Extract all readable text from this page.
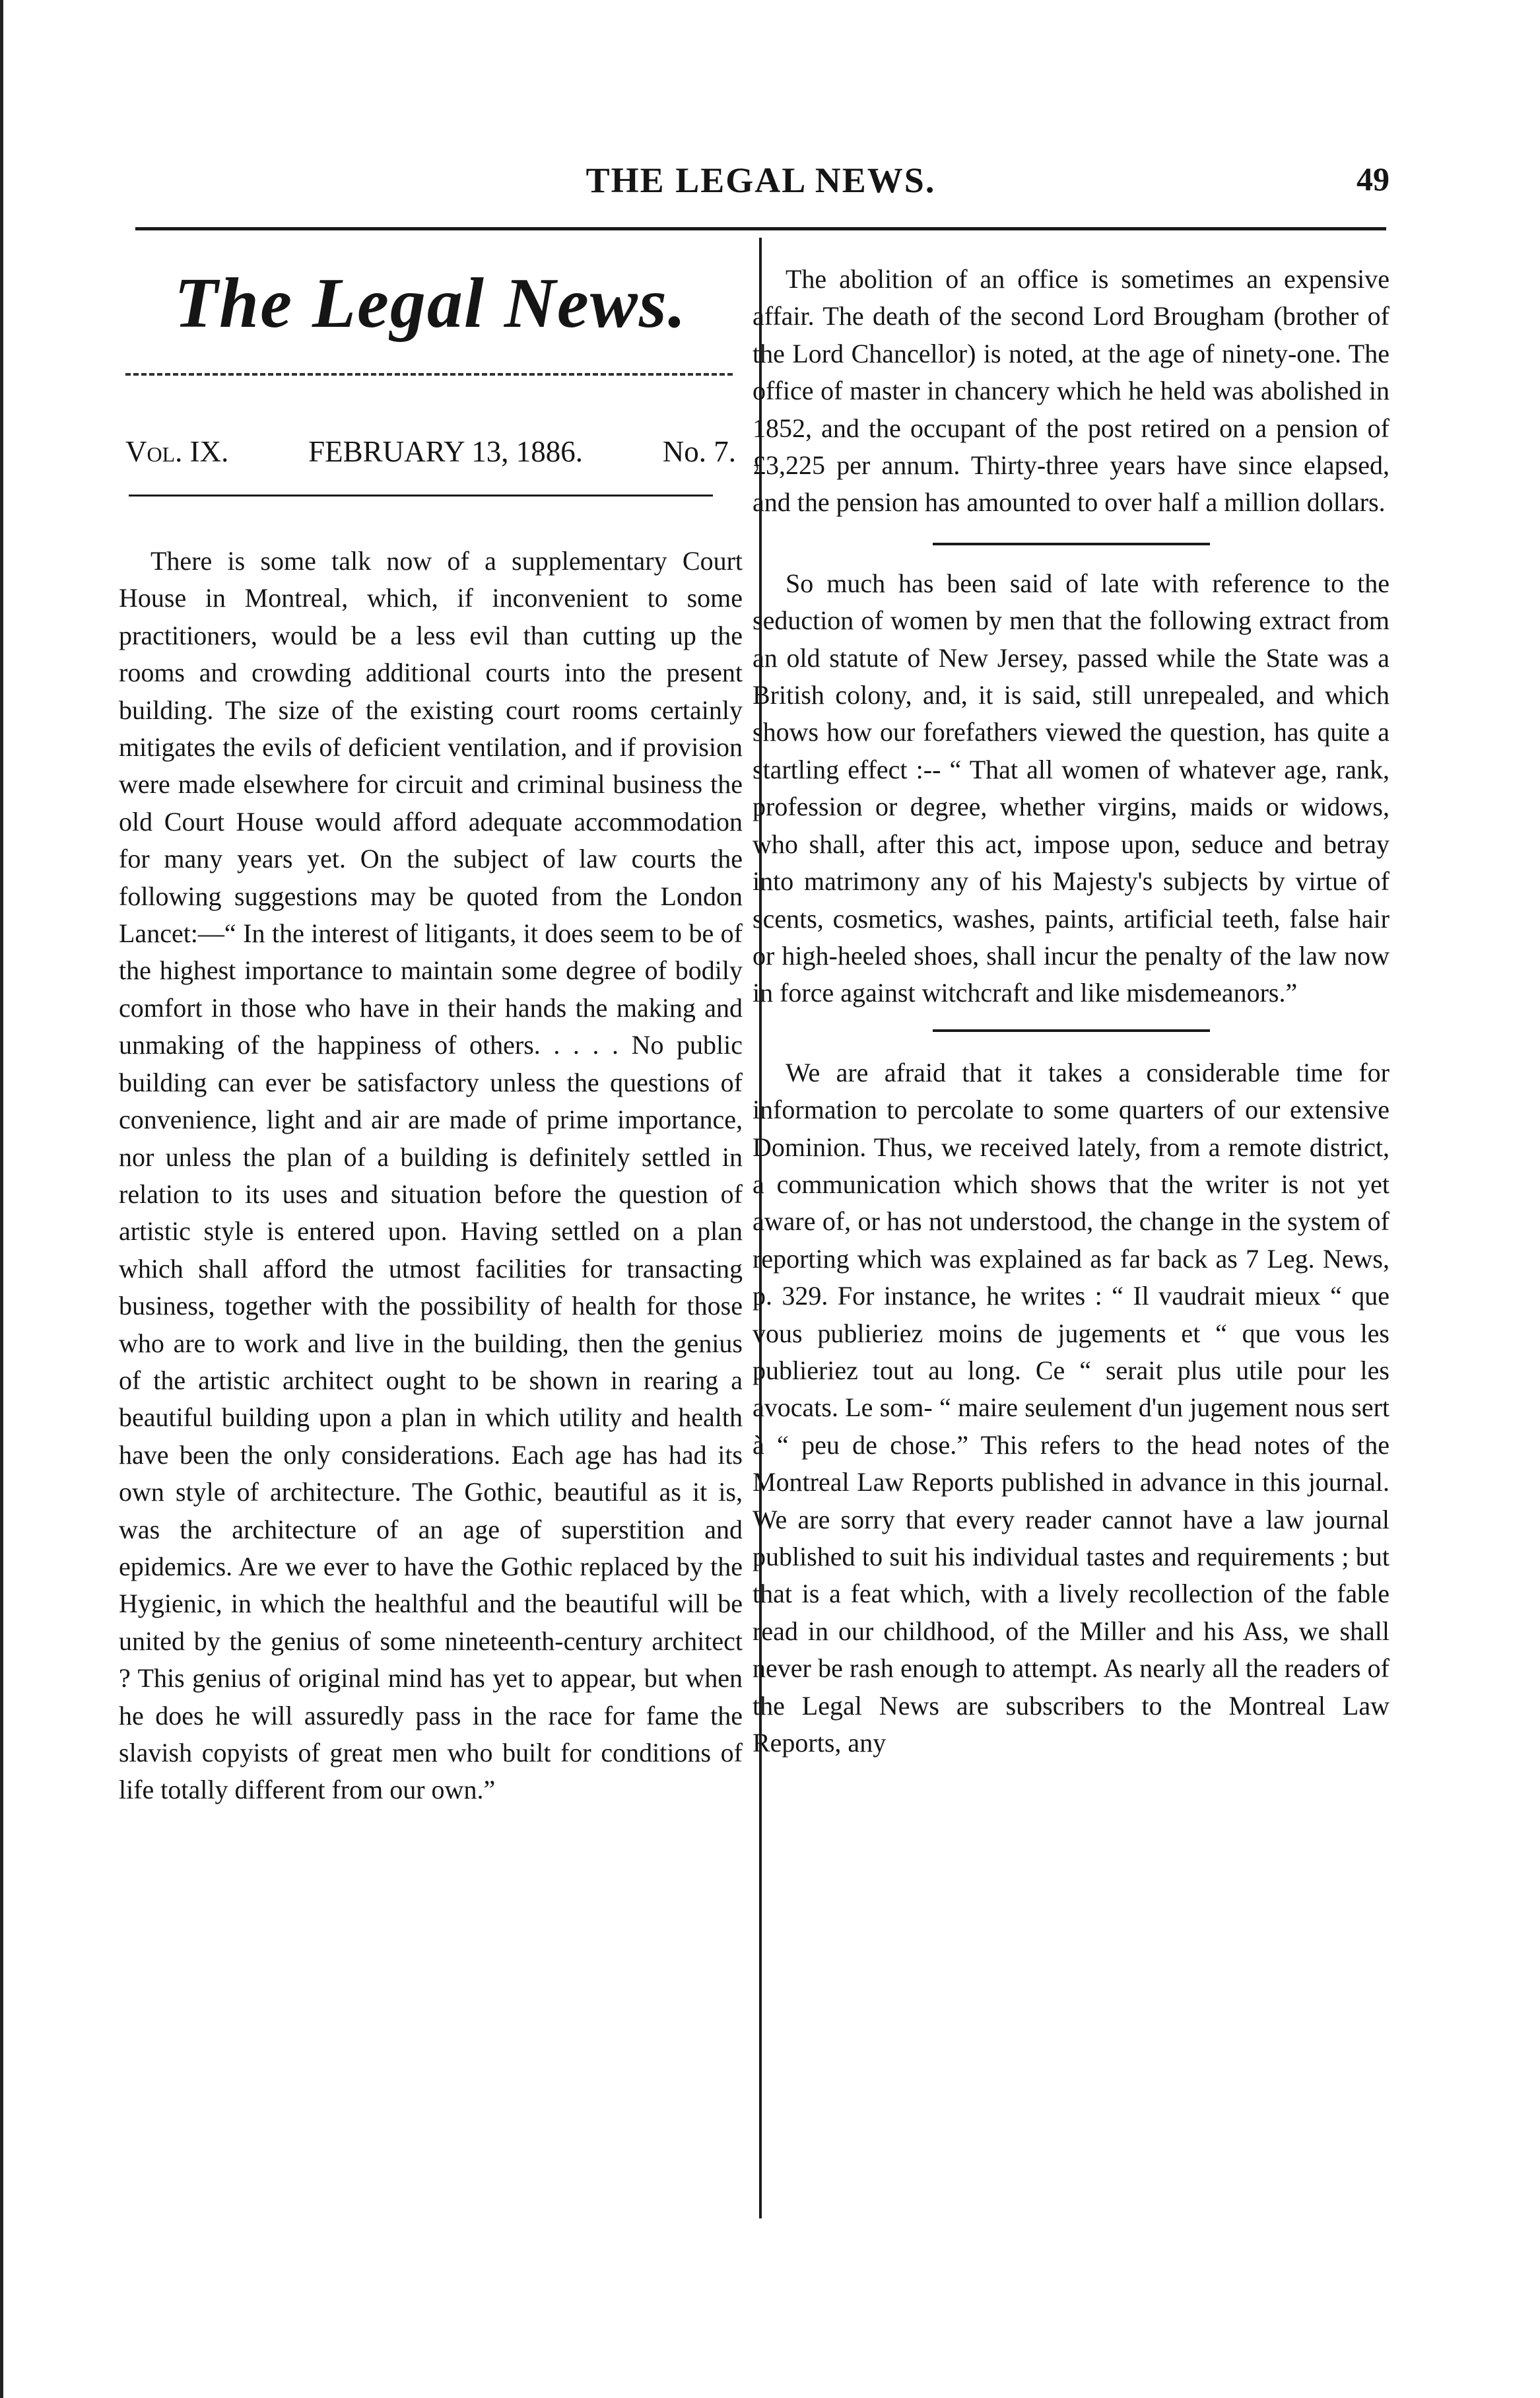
THE LEGAL NEWS.	49
The Legal News.
Vol. IX.	FEBRUARY 13, 1886.	No. 7.

There is some talk now of a supplementary Court House in Montreal, which, if inconvenient to some practitioners, would be a less evil than cutting up the rooms and crowding additional courts into the present building. The size of the existing court rooms certainly mitigates the evils of deficient ventilation, and if provision were made elsewhere for circuit and criminal business the old Court House would afford adequate accommodation for many years yet. On the subject of law courts the following suggestions may be quoted from the London Lancet:—“ In the interest of litigants, it does seem to be of the highest importance to maintain some degree of bodily comfort in those who have in their hands the making and unmaking of the happiness of others. . . . . No public building can ever be satisfactory unless the questions of convenience, light and air are made of prime importance, nor unless the plan of a building is definitely settled in relation to its uses and situation before the question of artistic style is entered upon. Having settled on a plan which shall afford the utmost facilities for transacting business, together with the possibility of health for those who are to work and live in the building, then the genius of the artistic architect ought to be shown in rearing a beautiful building upon a plan in which utility and health have been the only considerations. Each age has had its own style of architecture. The Gothic, beautiful as it is, was the architecture of an age of superstition and epidemics. Are we ever to have the Gothic replaced by the Hygienic, in which the healthful and the beautiful will be united by the genius of some nineteenth-century architect ? This genius of original mind has yet to appear, but when he does he will assuredly pass in the race for fame the slavish copyists of great men who built for conditions of life totally different from our own.”

The abolition of an office is sometimes an expensive affair. The death of the second Lord Brougham (brother of the Lord Chancellor) is noted, at the age of ninety-one. The office of master in chancery which he held was abolished in 1852, and the occupant of the post retired on a pension of £3,225 per annum. Thirty-three years have since elapsed, and the pension has amounted to over half a million dollars.

So much has been said of late with reference to the seduction of women by men that the following extract from an old statute of New Jersey, passed while the State was a British colony, and, it is said, still unrepealed, and which shows how our forefathers viewed the question, has quite a startling effect :-- “ That all women of whatever age, rank, profession or degree, whether virgins, maids or widows, who shall, after this act, impose upon, seduce and betray into matrimony any of his Majesty's subjects by virtue of scents, cosmetics, washes, paints, artificial teeth, false hair or high-heeled shoes, shall incur the penalty of the law now in force against witchcraft and like misdemeanors.”

We are afraid that it takes a considerable time for information to percolate to some quarters of our extensive Dominion. Thus, we received lately, from a remote district, a communication which shows that the writer is not yet aware of, or has not understood, the change in the system of reporting which was explained as far back as 7 Leg. News, p. 329. For instance, he writes : “ Il vaudrait mieux “ que vous publieriez moins de jugements et “ que vous les publieriez tout au long. Ce “ serait plus utile pour les avocats. Le som- “ maire seulement d'un jugement nous sert à “ peu de chose.” This refers to the head notes of the Montreal Law Reports published in advance in this journal. We are sorry that every reader cannot have a law journal published to suit his individual tastes and requirements ; but that is a feat which, with a lively recollection of the fable read in our childhood, of the Miller and his Ass, we shall never be rash enough to attempt. As nearly all the readers of the Legal News are subscribers to the Montreal Law Reports, any
